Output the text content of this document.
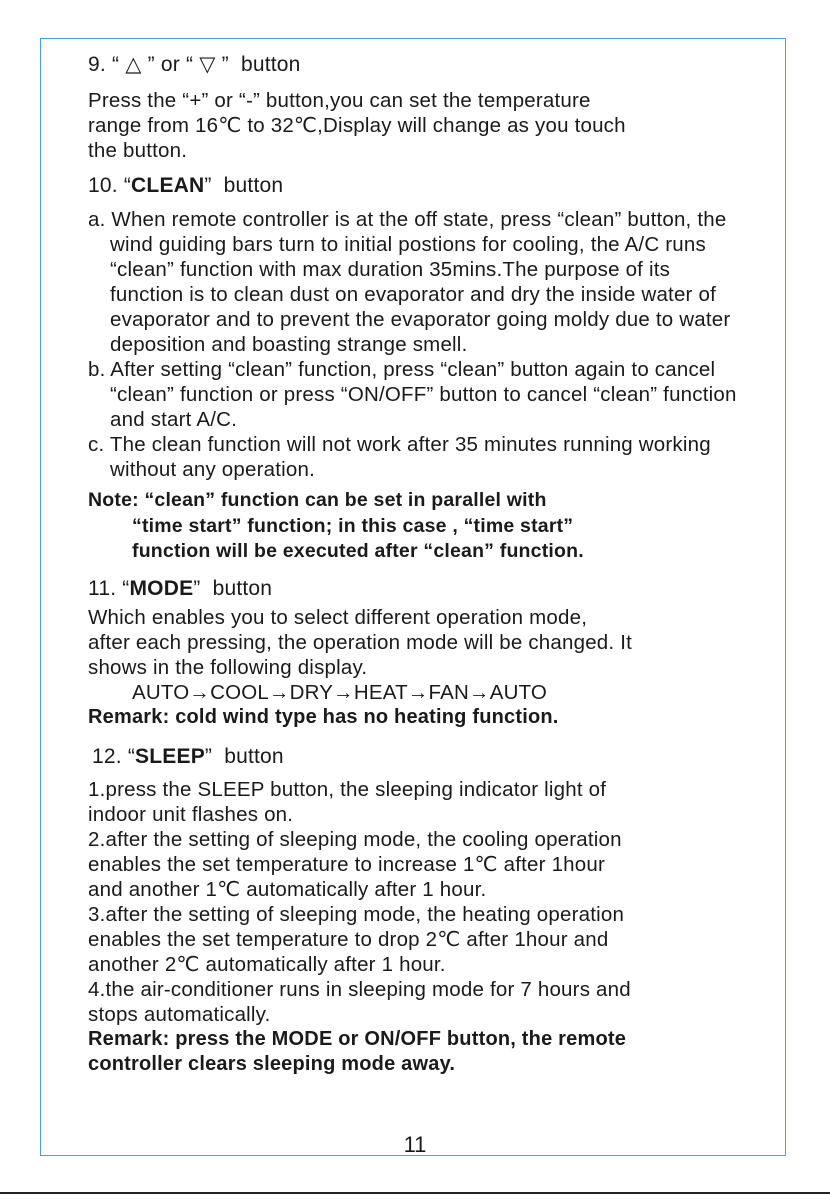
9. “ △ ” or “ ▽ ” button

Press the “+” or “-” button,you can set the temperature

range from 16℃ to 32℃,Display will change as you touch

the button.

10. “CLEAN” button

a. When remote controller is at the off state, press “clean” button, the wind guiding bars turn to initial postions for cooling, the A/C runs “clean” function with max duration 35mins.The purpose of its function is to clean dust on evaporator and dry the inside water of evaporator and to prevent the evaporator going moldy due to water deposition and boasting strange smell.

b. After setting “clean” function, press “clean” button again to cancel “clean” function or press “ON/OFF” button to cancel “clean” function and start A/C.

c. The clean function will not work after 35 minutes running working without any operation.

Note: “clean” function can be set in parallel with

“time start” function; in this case , “time start”

function will be executed after “clean” function.

11. “MODE” button

Which enables you to select different operation mode,

after each pressing, the operation mode will be changed. It

shows in the following display.

AUTO→COOL→DRY→HEAT→FAN→AUTO

Remark: cold wind type has no heating function.

12. “SLEEP” button

1.press the SLEEP button, the sleeping indicator light of

indoor unit flashes on.

2.after the setting of sleeping mode, the cooling operation

enables the set temperature to increase 1℃ after 1hour

and another 1℃ automatically after 1 hour.

3.after the setting of sleeping mode, the heating operation

enables the set temperature to drop 2℃ after 1hour and

another 2℃ automatically after 1 hour.

4.the air-conditioner runs in sleeping mode for 7 hours and

stops automatically.

Remark: press the MODE or ON/OFF button, the remote

controller clears sleeping mode away.

11
